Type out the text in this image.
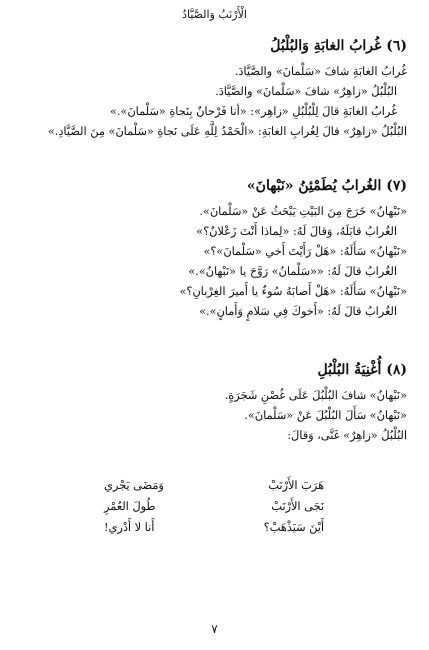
الْأَرْنَبُ وَالصَّيَّادُ
(٦) غُرابُ الغابَةِ وَالبُلْبُلُ
غُرابُ الغابَةِ شافَ «سَلْمانَ» والصَّيَّادَ.
البُلْبُلُ «زاهِرٌ» شافَ «سَلْمانَ» والصَّيَّادَ.
غُرابُ الغابَةِ قالَ لِلْبُلْبُلِ «زاهِر»: «أنا فَرْحانٌ بِنَجاةِ «سَلْمانَ».»
البُلْبُلُ «زاهِرٌ» قالَ لِغُرابِ الغابَةِ: «الْحَمْدُ لِلَّهِ عَلَى نَجاةِ «سَلْمانَ» مِنَ الصَّيَّادِ.»
(٧) الغُرابُ يُطَمْئِنُ «نَبْهانَ»
«نَبْهانُ» خَرَجَ مِنَ البَيْتِ يَبْحَثُ عَنْ «سَلْمانَ».
الغُرابُ قابَلَهُ، وَقالَ لَهُ: «لِماذا أَنْتَ زَعْلانٌ؟»
«نَبْهانُ» سَأَلَهُ: «هَلْ رَأَيْتَ أَخي «سَلْمانَ»؟»
الغُرابُ قالَ لَهُ: ««سَلْمانُ» رَوَّحَ يا «نَبْهانُ».»
«نَبْهانُ» سَأَلَهُ: «هَلْ أَصابَهُ سُوءٌ يا أَميرَ الغِرْبانِ؟»
الغُرابُ قالَ لَهُ: «أَخوكَ فِي سَلامٍ وَأَمانٍ».»
(٨) أُغْنِيَةُ البُلْبُلِ
«نَبْهانُ» شافَ البُلْبُلَ عَلَى غُصْنِ شَجَرَةٍ.
«نَبْهانُ» سَأَلَ البُلْبُلَ عَنْ «سَلْمانَ».
البُلْبُلُ «زاهِرٌ» غَنَّى، وَقالَ:
هَرَبَ الأَرْنَبْ
وَمَضَى يَجْري
نَجَى الأَرْنَبْ
طُولَ العُمْرِ
أَيْنَ سَيَذْهَبْ؟
أَنا لا أَدْري!
٧
